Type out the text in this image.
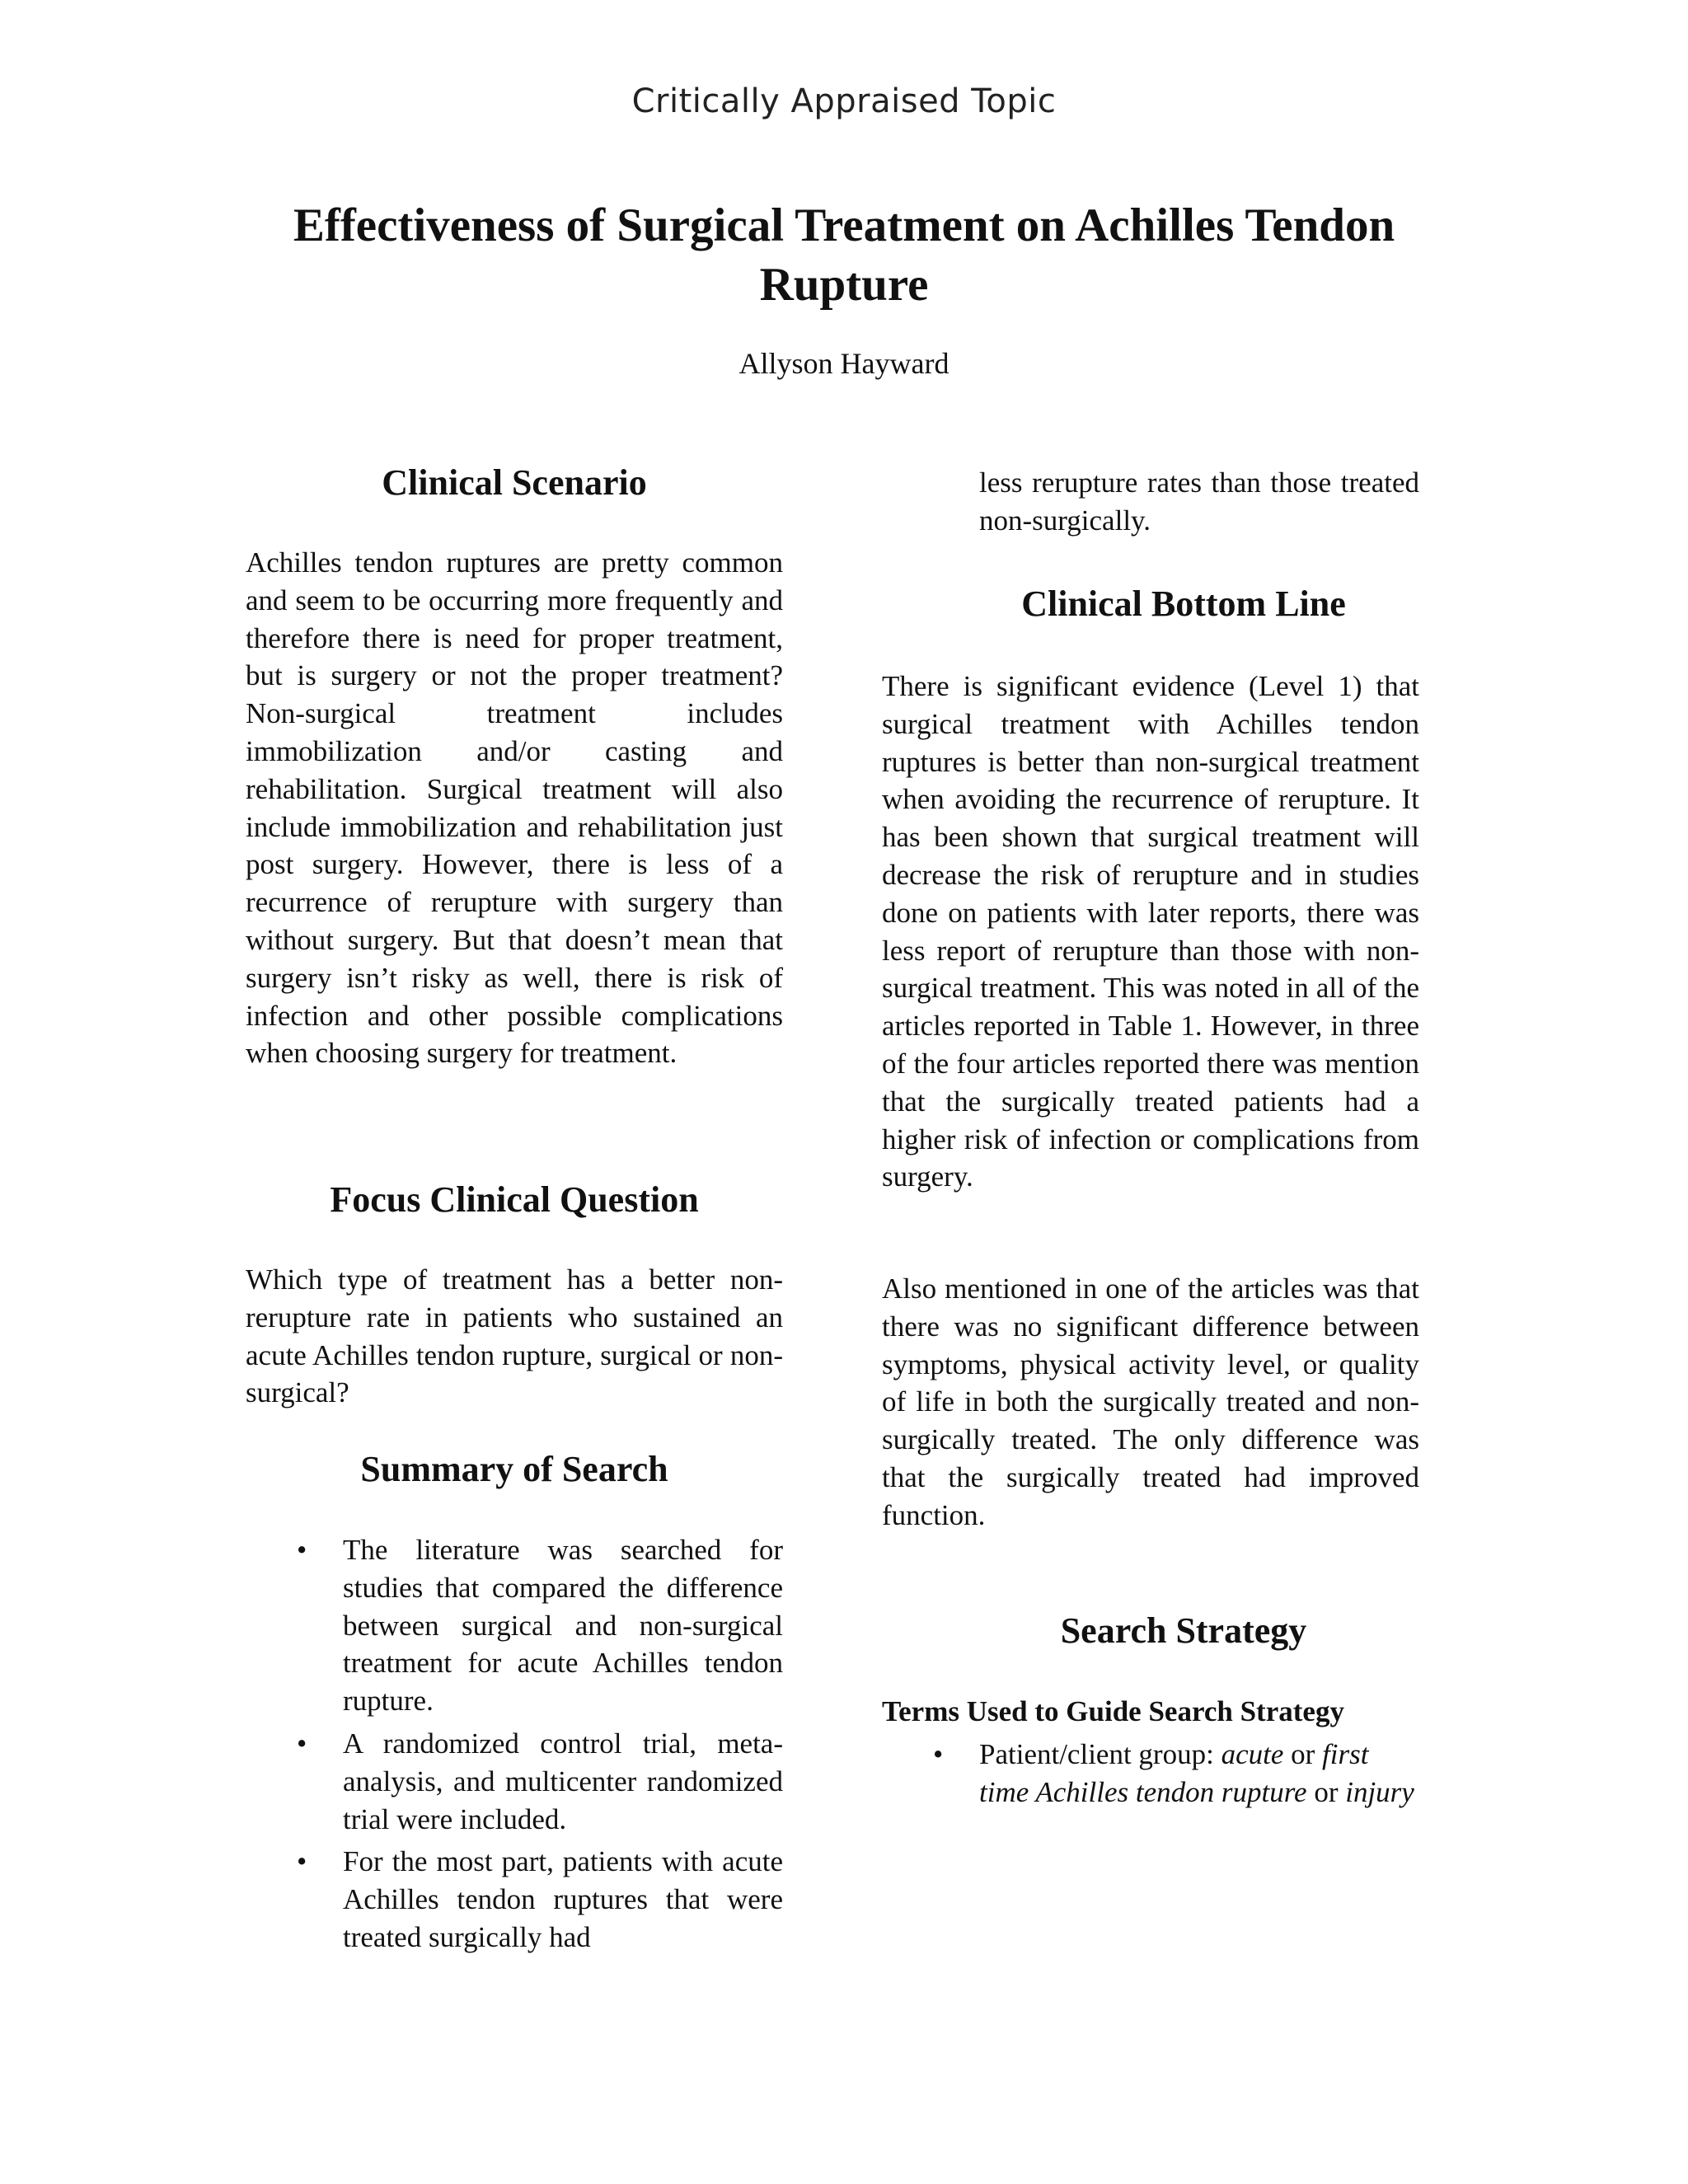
Critically Appraised Topic
Effectiveness of Surgical Treatment on Achilles Tendon Rupture
Allyson Hayward
Clinical Scenario

Achilles tendon ruptures are pretty common and seem to be occurring more frequently and therefore there is need for proper treatment, but is surgery or not the proper treatment? Non-surgical treatment includes immobilization and/or casting and rehabilitation. Surgical treatment will also include immobilization and rehabilitation just post surgery. However, there is less of a recurrence of rerupture with surgery than without surgery. But that doesn’t mean that surgery isn’t risky as well, there is risk of infection and other possible complications when choosing surgery for treatment.

Focus Clinical Question

Which type of treatment has a better non-rerupture rate in patients who sustained an acute Achilles tendon rupture, surgical or non-surgical?

Summary of Search
• The literature was searched for studies that compared the difference between surgical and non-surgical treatment for acute Achilles tendon rupture.
• A randomized control trial, meta-analysis, and multicenter randomized trial were included.
• For the most part, patients with acute Achilles tendon ruptures that were treated surgically had

less rerupture rates than those treated non-surgically.

Clinical Bottom Line

There is significant evidence (Level 1) that surgical treatment with Achilles tendon ruptures is better than non-surgical treatment when avoiding the recurrence of rerupture. It has been shown that surgical treatment will decrease the risk of rerupture and in studies done on patients with later reports, there was less report of rerupture than those with non-surgical treatment. This was noted in all of the articles reported in Table 1. However, in three of the four articles reported there was mention that the surgically treated patients had a higher risk of infection or complications from surgery.

Also mentioned in one of the articles was that there was no significant difference between symptoms, physical activity level, or quality of life in both the surgically treated and non-surgically treated. The only difference was that the surgically treated had improved function.

Search Strategy
Terms Used to Guide Search Strategy
• Patient/client group: acute or first time Achilles tendon rupture or injury
